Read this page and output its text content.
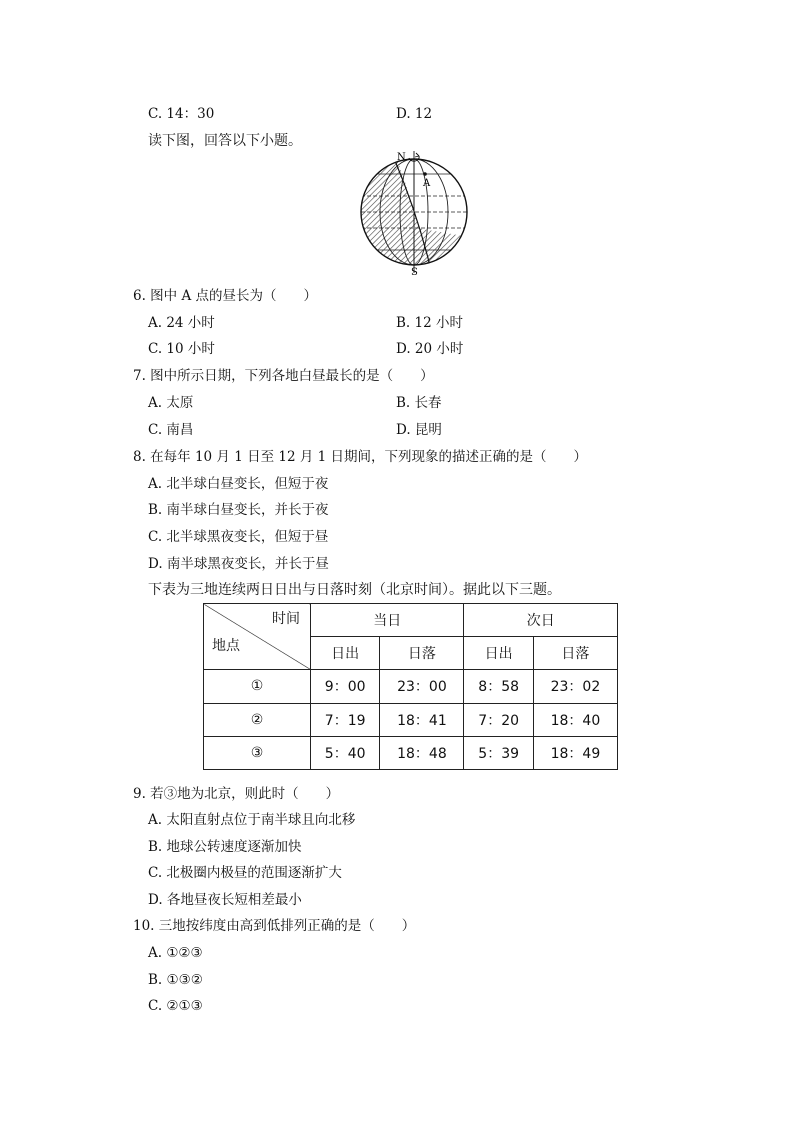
C. 14：30	D. 12
读下图，回答以下小题。
A
N
S
6. 图中 A 点的昼长为（　　）
A. 24 小时	B. 12 小时
C. 10 小时	D. 20 小时
7. 图中所示日期，下列各地白昼最长的是（　　）
A. 太原	B. 长春
C. 南昌	D. 昆明
8. 在每年 10 月 1 日至 12 月 1 日期间，下列现象的描述正确的是（　　）
A. 北半球白昼变长，但短于夜
B. 南半球白昼变长，并长于夜
C. 北半球黑夜变长，但短于昼
D. 南半球黑夜变长，并长于昼
下表为三地连续两日日出与日落时刻（北京时间）。据此以下三题。
时间
地点	当日		次日	
	日出	日落	日出	日落
①	9：00	23：00	8：58	23：02
②	7：19	18：41	7：20	18：40
③	5：40	18：48	5：39	18：49
9. 若③地为北京，则此时（　　）
A. 太阳直射点位于南半球且向北移
B. 地球公转速度逐渐加快
C. 北极圈内极昼的范围逐渐扩大
D. 各地昼夜长短相差最小
10. 三地按纬度由高到低排列正确的是（　　）
A. ①②③
B. ①③②
C. ②①③
